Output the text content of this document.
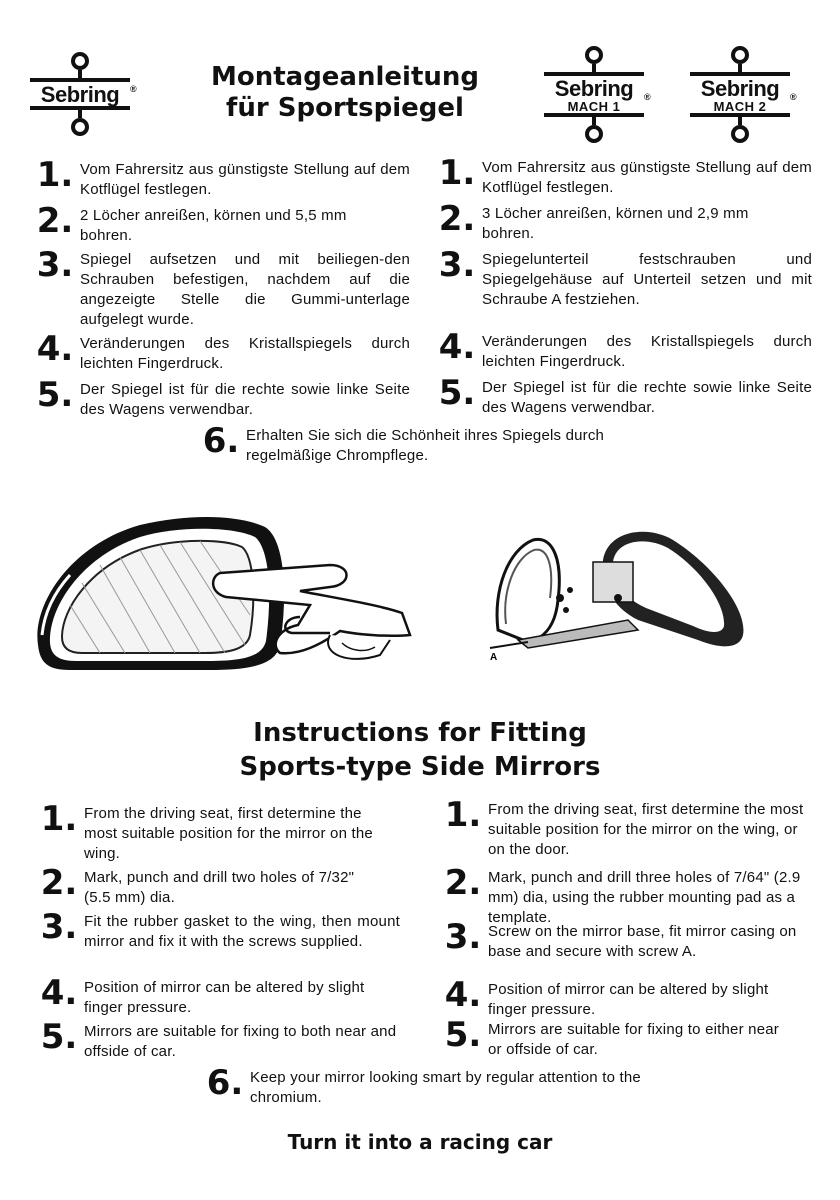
Sebring	®	Sebring
MACH 1
®	Sebring
MACH 2
®
Montageanleitung
für Sportspiegel
1. Vom Fahrersitz aus günstigste Stellung auf dem Kotflügel festlegen.
2. 2 Löcher anreißen, körnen und 5,5 mm bohren.
3. Spiegel aufsetzen und mit beiliegen-den Schrauben befestigen, nachdem auf die angezeigte Stelle die Gummi-unterlage aufgelegt wurde.
4. Veränderungen des Kristallspiegels durch leichten Fingerdruck.
5. Der Spiegel ist für die rechte sowie linke Seite des Wagens verwendbar.
1. Vom Fahrersitz aus günstigste Stellung auf dem Kotflügel festlegen.
2. 3 Löcher anreißen, körnen und 2,9 mm bohren.
3. Spiegelunterteil festschrauben und Spiegelgehäuse auf Unterteil setzen und mit Schraube A festziehen.
4. Veränderungen des Kristallspiegels durch leichten Fingerdruck.
5. Der Spiegel ist für die rechte sowie linke Seite des Wagens verwendbar.
6. Erhalten Sie sich die Schönheit ihres Spiegels durch regelmäßige Chrompflege.
A
Instructions for Fitting
Sports-type Side Mirrors
1. From the driving seat, first determine the most suitable position for the mirror on the wing.
2. Mark, punch and drill two holes of 7/32" (5.5 mm) dia.
3. Fit the rubber gasket to the wing, then mount mirror and fix it with the screws supplied.
4. Position of mirror can be altered by slight finger pressure.
5. Mirrors are suitable for fixing to both near and offside of car.
1. From the driving seat, first determine the most suitable position for the mirror on the wing, or on the door.
2. Mark, punch and drill three holes of 7/64" (2.9 mm) dia, using the rubber mounting pad as a template.
3. Screw on the mirror base, fit mirror casing on base and secure with screw A.
4. Position of mirror can be altered by slight finger pressure.
5. Mirrors are suitable for fixing to either near or offside of car.
6. Keep your mirror looking smart by regular attention to the chromium.
Turn it into a racing car
